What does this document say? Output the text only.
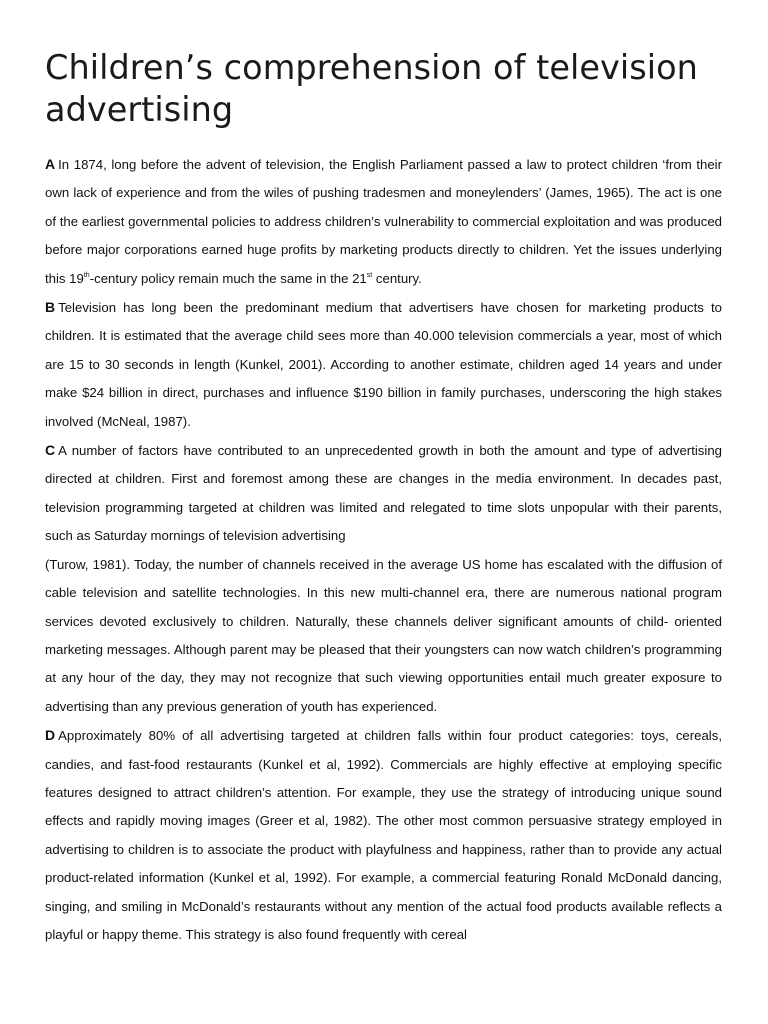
Children’s comprehension of television advertising

A In 1874, long before the advent of television, the English Parliament passed a law to protect children ‘from their own lack of experience and from the wiles of pushing tradesmen and moneylenders’ (James, 1965). The act is one of the earliest governmental policies to address children’s vulnerability to commercial exploitation and was produced before major corporations earned huge profits by marketing products directly to children. Yet the issues underlying this 19th-century policy remain much the same in the 21st century.

B Television has long been the predominant medium that advertisers have chosen for marketing products to children. It is estimated that the average child sees more than 40.000 television commercials a year, most of which are 15 to 30 seconds in length (Kunkel, 2001). According to another estimate, children aged 14 years and under make $24 billion in direct, purchases and influence $190 billion in family purchases, underscoring the high stakes involved (McNeal, 1987).

C A number of factors have contributed to an unprecedented growth in both the amount and type of advertising directed at children. First and foremost among these are changes in the media environment. In decades past, television programming targeted at children was limited and relegated to time slots unpopular with their parents, such as Saturday mornings of television advertising

(Turow, 1981). Today, the number of channels received in the average US home has escalated with the diffusion of cable television and satellite technologies. In this new multi-channel era, there are numerous national program services devoted exclusively to children. Naturally, these channels deliver significant amounts of child- oriented marketing messages. Although parent may be pleased that their youngsters can now watch children’s programming at any hour of the day, they may not recognize that such viewing opportunities entail much greater exposure to advertising than any previous generation of youth has experienced.

D Approximately 80% of all advertising targeted at children falls within four product categories: toys, cereals, candies, and fast-food restaurants (Kunkel et al, 1992). Commercials are highly effective at employing specific features designed to attract children’s attention. For example, they use the strategy of introducing unique sound effects and rapidly moving images (Greer et al, 1982). The other most common persuasive strategy employed in advertising to children is to associate the product with playfulness and happiness, rather than to provide any actual product-related information (Kunkel et al, 1992). For example, a commercial featuring Ronald McDonald dancing, singing, and smiling in McDonald’s restaurants without any mention of the actual food products available reflects a playful or happy theme. This strategy is also found frequently with cereal
